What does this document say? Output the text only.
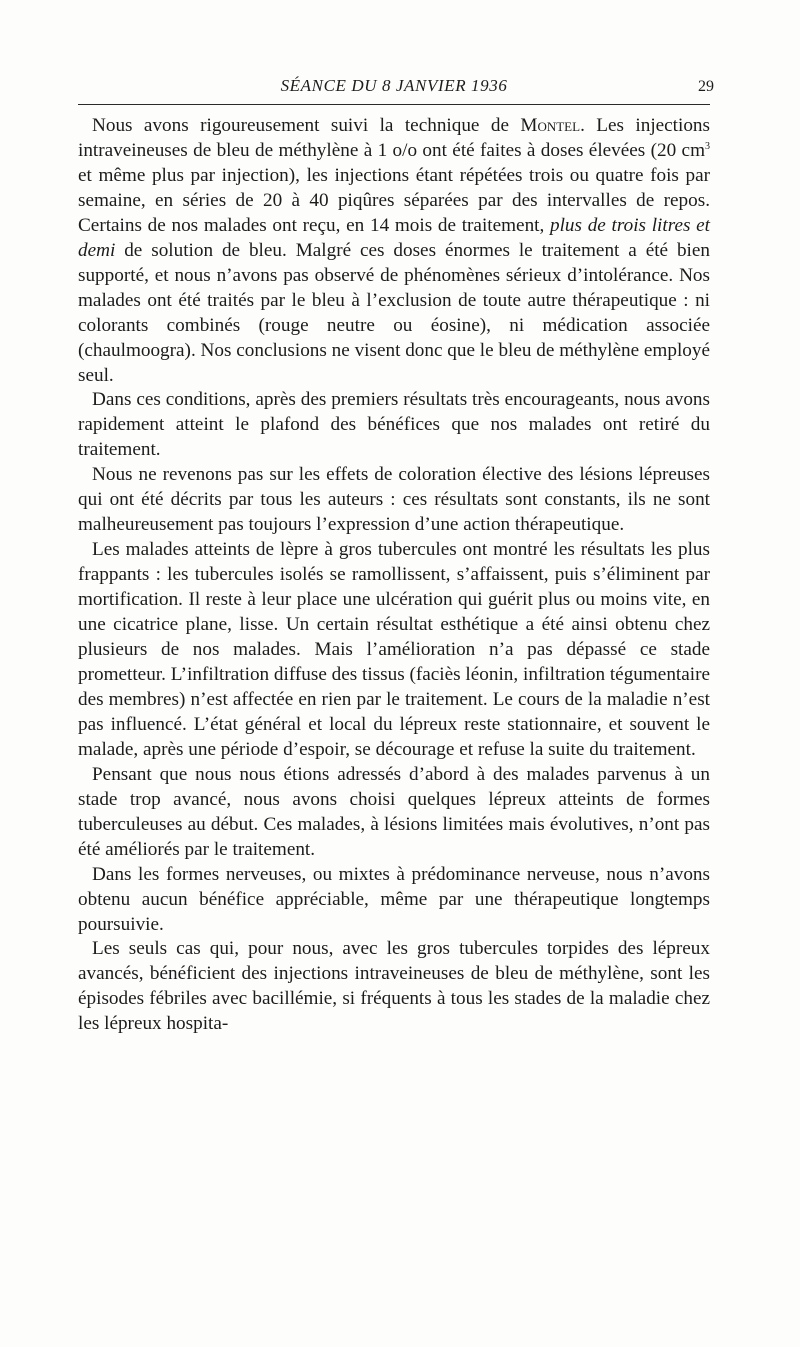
SÉANCE DU 8 JANVIER 1936	29

Nous avons rigoureusement suivi la technique de Montel. Les injections intraveineuses de bleu de méthylène à 1 o/o ont été faites à doses élevées (20 $cm^3$ et même plus par injection), les injections étant répétées trois ou quatre fois par semaine, en séries de 20 à 40 piqûres séparées par des intervalles de repos. Certains de nos malades ont reçu, en 14 mois de traitement, plus de trois litres et demi de solution de bleu. Malgré ces doses énormes le traitement a été bien supporté, et nous n’avons pas observé de phénomènes sérieux d’intolérance. Nos malades ont été traités par le bleu à l’exclusion de toute autre thérapeutique : ni colorants combinés (rouge neutre ou éosine), ni médication associée (chaulmoogra). Nos conclusions ne visent donc que le bleu de méthylène employé seul.

Dans ces conditions, après des premiers résultats très encourageants, nous avons rapidement atteint le plafond des bénéfices que nos malades ont retiré du traitement.

Nous ne revenons pas sur les effets de coloration élective des lésions lépreuses qui ont été décrits par tous les auteurs : ces résultats sont constants, ils ne sont malheureusement pas toujours l’expression d’une action thérapeutique.

Les malades atteints de lèpre à gros tubercules ont montré les résultats les plus frappants : les tubercules isolés se ramollissent, s’affaissent, puis s’éliminent par mortification. Il reste à leur place une ulcération qui guérit plus ou moins vite, en une cicatrice plane, lisse. Un certain résultat esthétique a été ainsi obtenu chez plusieurs de nos malades. Mais l’amélioration n’a pas dépassé ce stade prometteur. L’infiltration diffuse des tissus (faciès léonin, infiltration tégumentaire des membres) n’est affectée en rien par le traitement. Le cours de la maladie n’est pas influencé. L’état général et local du lépreux reste stationnaire, et souvent le malade, après une période d’espoir, se décourage et refuse la suite du traitement.

Pensant que nous nous étions adressés d’abord à des malades parvenus à un stade trop avancé, nous avons choisi quelques lépreux atteints de formes tuberculeuses au début. Ces malades, à lésions limitées mais évolutives, n’ont pas été améliorés par le traitement.

Dans les formes nerveuses, ou mixtes à prédominance nerveuse, nous n’avons obtenu aucun bénéfice appréciable, même par une thérapeutique longtemps poursuivie.

Les seuls cas qui, pour nous, avec les gros tubercules torpides des lépreux avancés, bénéficient des injections intraveineuses de bleu de méthylène, sont les épisodes fébriles avec bacillémie, si fréquents à tous les stades de la maladie chez les lépreux hospita-
